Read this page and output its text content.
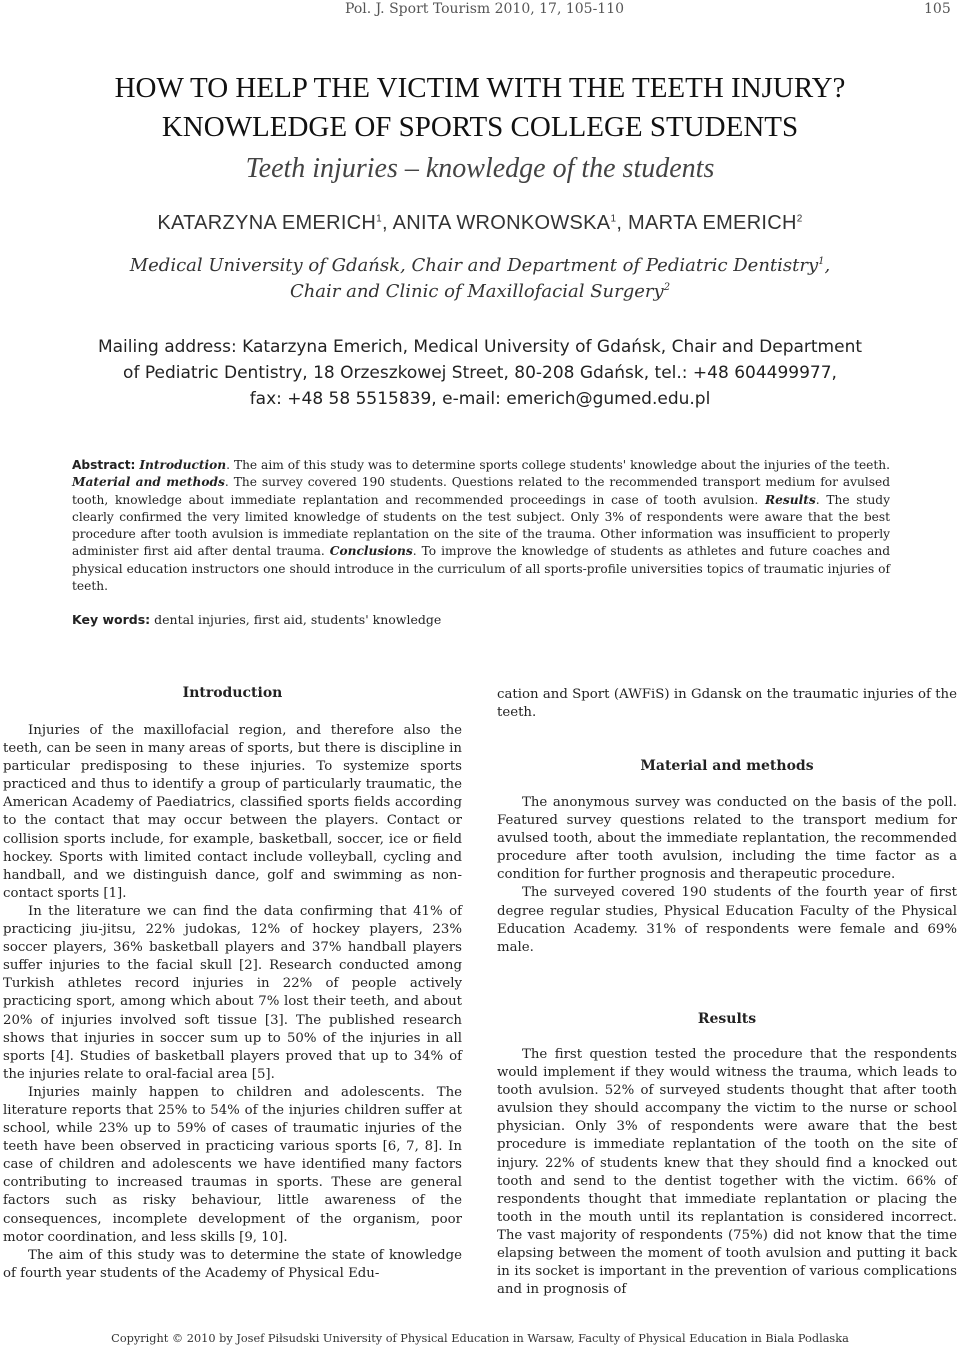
Pol. J. Sport Tourism 2010, 17, 105-110	105
HOW TO HELP THE VICTIM WITH THE TEETH INJURY?
KNOWLEDGE OF SPORTS COLLEGE STUDENTS
Teeth injuries – knowledge of the students
KATARZYNA EMERICH$^1$, ANITA WRONKOWSKA$^1$, MARTA EMERICH$^2$
Medical University of Gdańsk, Chair and Department of Pediatric Dentistry$^1$,
Chair and Clinic of Maxillofacial Surgery$^2$
Mailing address: Katarzyna Emerich, Medical University of Gdańsk, Chair and Department
of Pediatric Dentistry, 18 Orzeszkowej Street, 80-208 Gdańsk, tel.: +48 604499977,
fax: +48 58 5515839, e-mail: emerich@gumed.edu.pl
Abstract: Introduction. The aim of this study was to determine sports college students' knowledge about the injuries of the teeth. Material and methods. The survey covered 190 students. Questions related to the recommended transport medium for avulsed tooth, knowledge about immediate replantation and recommended proceedings in case of tooth avulsion. Results. The study clearly confirmed the very limited knowledge of students on the test subject. Only 3% of respondents were aware that the best procedure after tooth avulsion is immediate replantation on the site of the trauma. Other information was insufficient to properly administer first aid after dental trauma. Conclusions. To improve the knowledge of students as athletes and future coaches and physical education instructors one should introduce in the curriculum of all sports-profile universities topics of traumatic injuries of teeth.
Key words: dental injuries, first aid, students' knowledge
Introduction

Injuries of the maxillofacial region, and therefore also the teeth, can be seen in many areas of sports, but there is discipline in particular predisposing to these injuries. To systemize sports practiced and thus to identify a group of particularly traumatic, the American Academy of Paediatrics, classified sports fields according to the contact that may occur between the players. Contact or collision sports include, for example, basketball, soccer, ice or field hockey. Sports with limited contact include volleyball, cycling and handball, and we distinguish dance, golf and swimming as non-contact sports [1].

In the literature we can find the data confirming that 41% of practicing jiu-jitsu, 22% judokas, 12% of hockey players, 23% soccer players, 36% basketball players and 37% handball players suffer injuries to the facial skull [2]. Research conducted among Turkish athletes record injuries in 22% of people actively practicing sport, among which about 7% lost their teeth, and about 20% of injuries involved soft tissue [3]. The published research shows that injuries in soccer sum up to 50% of the injuries in all sports [4]. Studies of basketball players proved that up to 34% of the injuries relate to oral-facial area [5].

Injuries mainly happen to children and adolescents. The literature reports that 25% to 54% of the injuries children suffer at school, while 23% up to 59% of cases of traumatic injuries of the teeth have been observed in practicing various sports [6, 7, 8]. In case of children and adolescents we have identified many factors contributing to increased traumas in sports. These are general factors such as risky behaviour, little awareness of the consequences, incomplete development of the organism, poor motor coordination, and less skills [9, 10].

The aim of this study was to determine the state of knowledge of fourth year students of the Academy of Physical Edu-

cation and Sport (AWFiS) in Gdansk on the traumatic injuries of the teeth.

Material and methods

The anonymous survey was conducted on the basis of the poll. Featured survey questions related to the transport medium for avulsed tooth, about the immediate replantation, the recommended procedure after tooth avulsion, including the time factor as a condition for further prognosis and therapeutic procedure.

The surveyed covered 190 students of the fourth year of first degree regular studies, Physical Education Faculty of the Physical Education Academy. 31% of respondents were female and 69% male.

Results

The first question tested the procedure that the respondents would implement if they would witness the trauma, which leads to tooth avulsion. 52% of surveyed students thought that after tooth avulsion they should accompany the victim to the nurse or school physician. Only 3% of respondents were aware that the best procedure is immediate replantation of the tooth on the site of injury. 22% of students knew that they should find a knocked out tooth and send to the dentist together with the victim. 66% of respondents thought that immediate replantation or placing the tooth in the mouth until its replantation is considered incorrect. The vast majority of respondents (75%) did not know that the time elapsing between the moment of tooth avulsion and putting it back in its socket is important in the prevention of various complications and in prognosis of

Copyright © 2010 by Josef Piłsudski University of Physical Education in Warsaw, Faculty of Physical Education in Biala Podlaska
